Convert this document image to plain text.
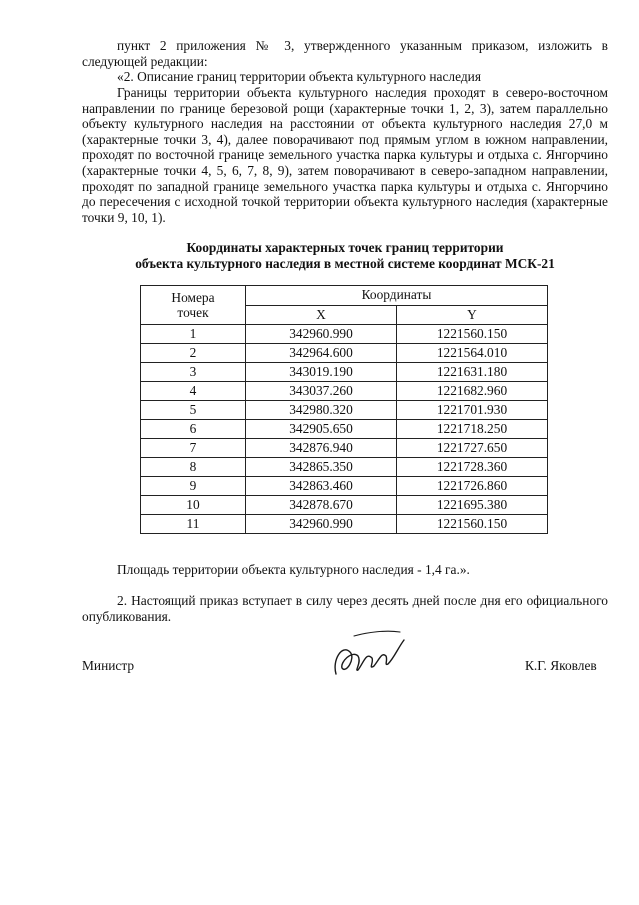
пункт 2 приложения № 3, утвержденного указанным приказом, изложить в следующей редакции:

«2. Описание границ территории объекта культурного наследия

Границы территории объекта культурного наследия проходят в северо-восточном направлении по границе березовой рощи (характерные точки 1, 2, 3), затем параллельно объекту культурного наследия на расстоянии от объекта культурного наследия 27,0 м (характерные точки 3, 4), далее поворачивают под прямым углом в южном направлении, проходят по восточной границе земельного участка парка культуры и отдыха с. Янгорчино (характерные точки 4, 5, 6, 7, 8, 9), затем поворачивают в северо-западном направлении, проходят по западной границе земельного участка парка культуры и отдыха с. Янгорчино до пересечения с исходной точкой территории объекта культурного наследия (характерные точки 9, 10, 1).

Координаты характерных точек границ территории
объекта культурного наследия в местной системе координат МСК-21
Номера
точек	Координаты	
	X	Y
1	342960.990	1221560.150
2	342964.600	1221564.010
3	343019.190	1221631.180
4	343037.260	1221682.960
5	342980.320	1221701.930
6	342905.650	1221718.250
7	342876.940	1221727.650
8	342865.350	1221728.360
9	342863.460	1221726.860
10	342878.670	1221695.380
11	342960.990	1221560.150

Площадь территории объекта культурного наследия - 1,4 га.».

2. Настоящий приказ вступает в силу через десять дней после дня его официального опубликования.

Министр	К.Г. Яковлев
